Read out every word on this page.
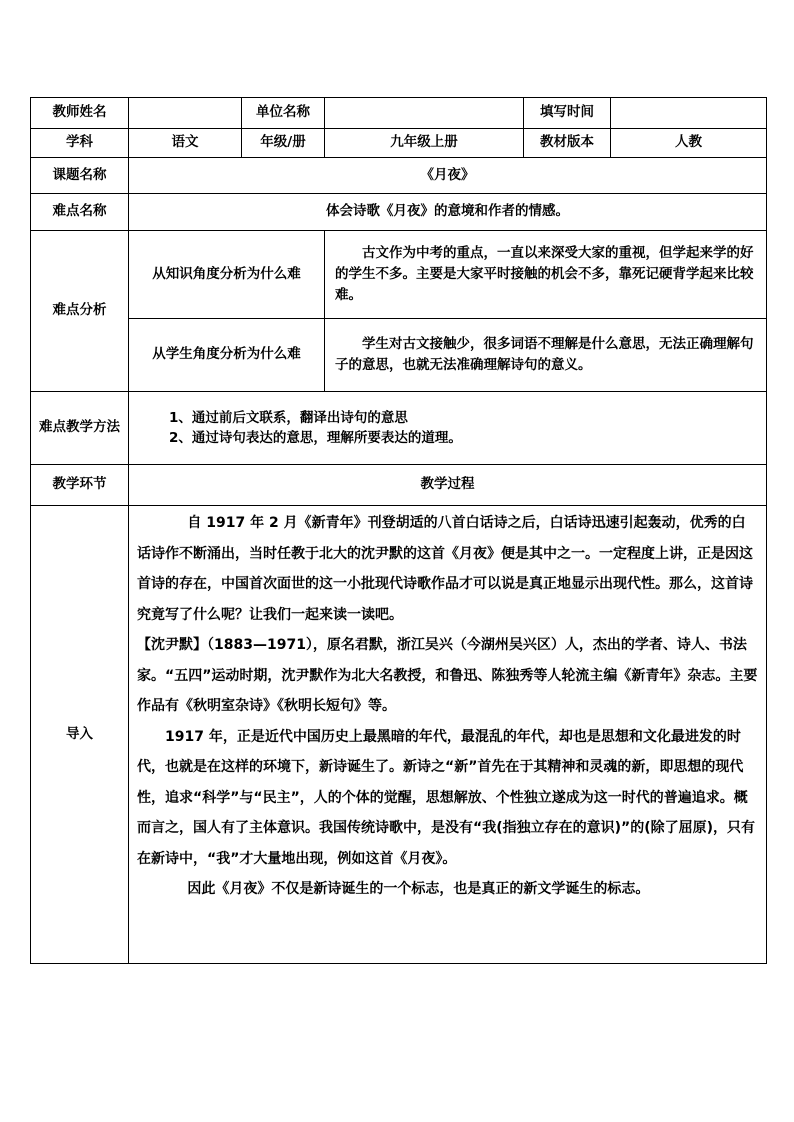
教师姓名		单位名称		填写时间	
学科	语文	年级/册	九年级上册	教材版本	人教
课题名称	《月夜》				
难点名称	体会诗歌《月夜》的意境和作者的情感。				
难点分析	从知识角度分析为什么难		古文作为中考的重点，一直以来深受大家的重视，但学起来学的好的学生不多。主要是大家平时接触的机会不多，靠死记硬背学起来比较难。		

	从学生角度分析为什么难		学生对古文接触少，很多词语不理解是什么意思，无法正确理解句子的意思，也就无法准确理解诗句的意义。		

难点教学方法	1、通过前后文联系，翻译出诗句的意思
2、通过诗句表达的意思，理解所要表达的道理。				

教学环节	教学过程				
导入	自 1917 年 2 月《新青年》刊登胡适的八首白话诗之后，白话诗迅速引起轰动，优秀的白话诗作不断涌出，当时任教于北大的沈尹默的这首《月夜》便是其中之一。一定程度上讲，正是因这首诗的存在，中国首次面世的这一小批现代诗歌作品才可以说是真正地显示出现代性。那么，这首诗究竟写了什么呢？让我们一起来读一读吧。

【沈尹默】（1883—1971），原名君默，浙江吴兴（今湖州吴兴区）人，杰出的学者、诗人、书法家。“五四”运动时期，沈尹默作为北大名教授，和鲁迅、陈独秀等人轮流主编《新青年》杂志。主要作品有《秋明室杂诗》《秋明长短句》等。

1917 年，正是近代中国历史上最黑暗的年代，最混乱的年代，却也是思想和文化最进发的时代，也就是在这样的环境下，新诗诞生了。新诗之“新”首先在于其精神和灵魂的新，即思想的现代性，追求“科学”与“民主”，人的个体的觉醒，思想解放、个性独立遂成为这一时代的普遍追求。概而言之，国人有了主体意识。我国传统诗歌中，是没有“我(指独立存在的意识)”的(除了屈原)，只有在新诗中，“我”才大量地出现，例如这首《月夜》。

因此《月夜》不仅是新诗诞生的一个标志，也是真正的新文学诞生的标志。				
